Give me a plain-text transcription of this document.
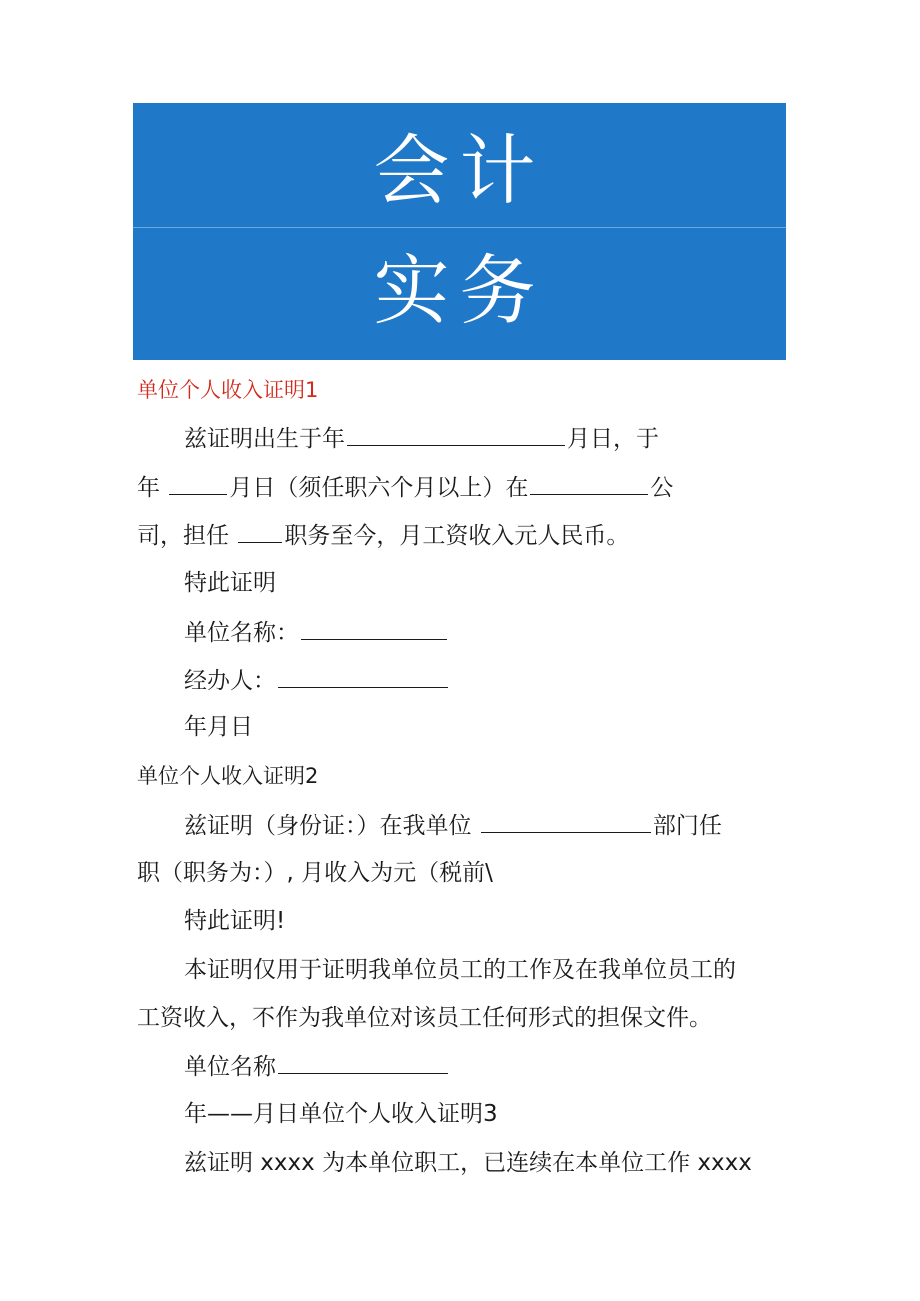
会计
实务
单位个人收入证明1
兹证明出生于年	月日，于
年	月日（须任职六个月以上）在	公
司，担任 职务至今，月工资收入元人民币。
特此证明
单位名称：
经办人：
年月日
单位个人收入证明2
兹证明（身份证：）在我单位	部门任
职（职务为：）, 月收入为元（税前\
特此证明!
本证明仅用于证明我单位员工的工作及在我单位员工的
工资收入，不作为我单位对该员工任何形式的担保文件。
单位名称
年——月日单位个人收入证明3
兹证明 xxxx 为本单位职工，已连续在本单位工作 xxxx
